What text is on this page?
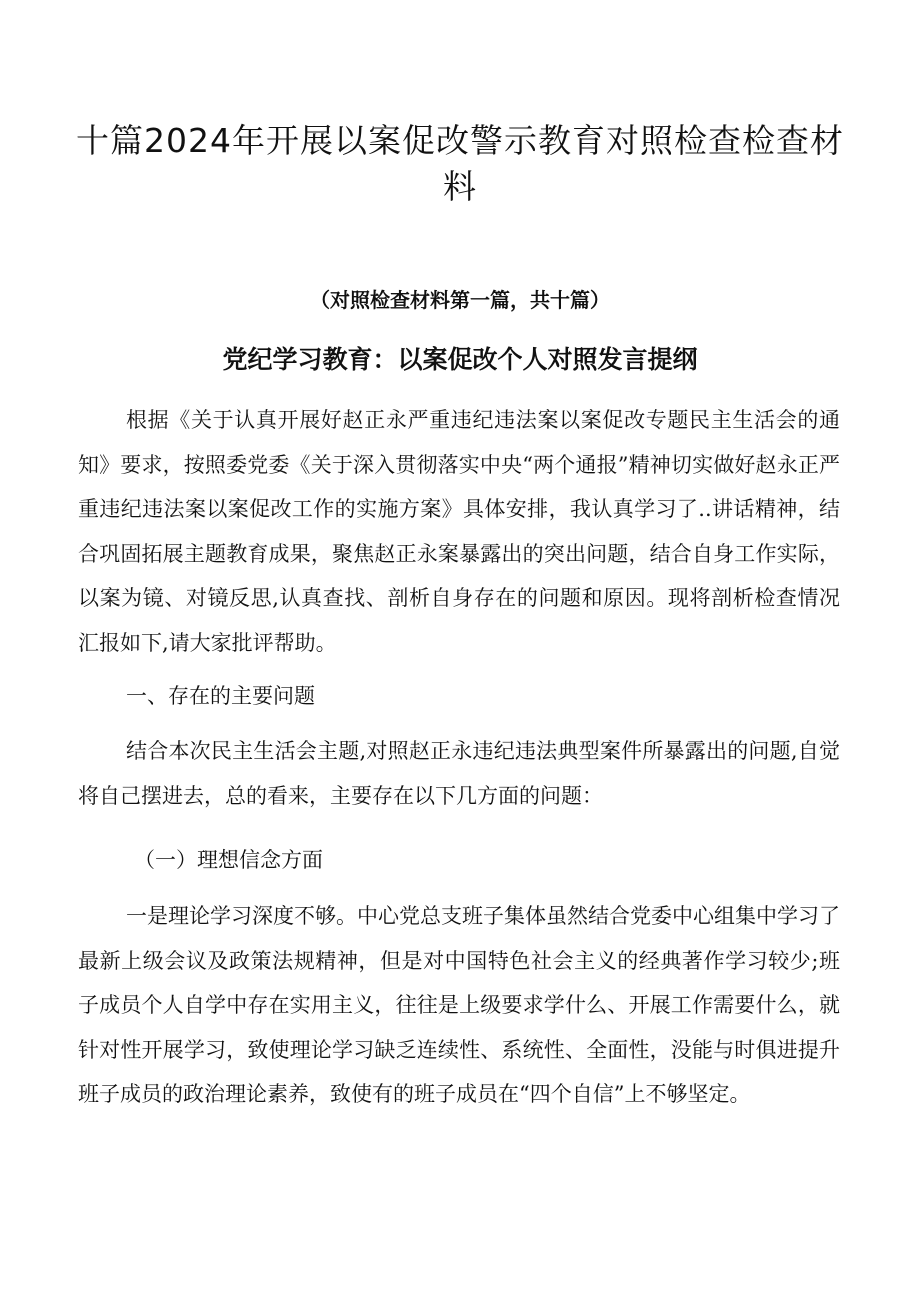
十篇2024年开展以案促改警示教育对照检查检查材料

（对照检查材料第一篇，共十篇）

党纪学习教育：以案促改个人对照发言提纲

根据《关于认真开展好赵正永严重违纪违法案以案促改专题民主生活会的通知》要求，按照委党委《关于深入贯彻落实中央“两个通报”精神切实做好赵永正严重违纪违法案以案促改工作的实施方案》具体安排，我认真学习了..讲话精神，结合巩固拓展主题教育成果，聚焦赵正永案暴露出的突出问题，结合自身工作实际，以案为镜、对镜反思,认真查找、剖析自身存在的问题和原因。现将剖析检查情况汇报如下,请大家批评帮助。

一、存在的主要问题

结合本次民主生活会主题,对照赵正永违纪违法典型案件所暴露出的问题,自觉将自己摆进去，总的看来，主要存在以下几方面的问题：

（一）理想信念方面

一是理论学习深度不够。中心党总支班子集体虽然结合党委中心组集中学习了最新上级会议及政策法规精神，但是对中国特色社会主义的经典著作学习较少;班子成员个人自学中存在实用主义，往往是上级要求学什么、开展工作需要什么，就针对性开展学习，致使理论学习缺乏连续性、系统性、全面性，没能与时俱进提升班子成员的政治理论素养，致使有的班子成员在“四个自信”上不够坚定。
